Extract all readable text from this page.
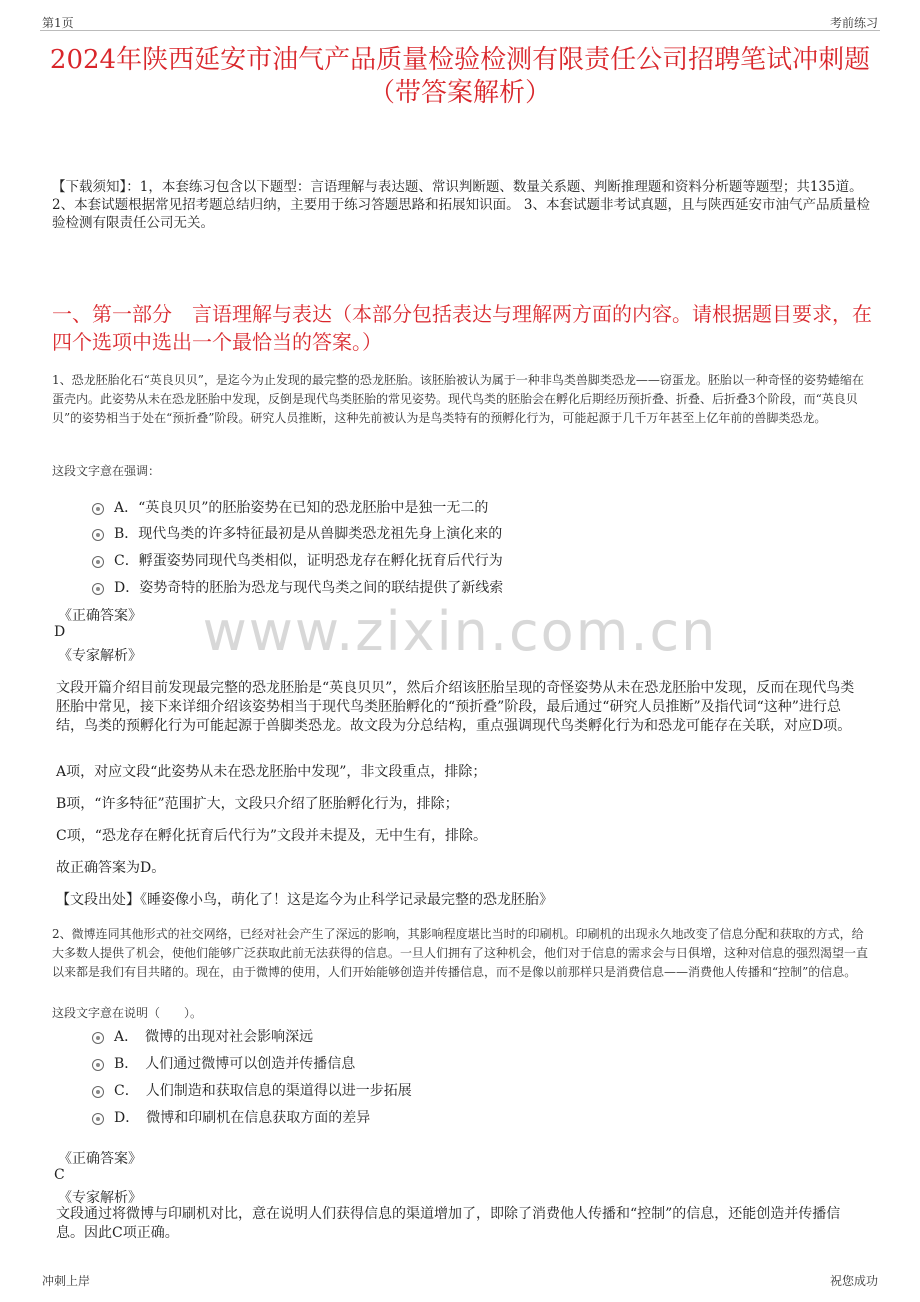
第1页	考前练习
2024年陕西延安市油气产品质量检验检测有限责任公司招聘笔试冲刺题（带答案解析）
【下载须知】：1，本套练习包含以下题型：言语理解与表达题、常识判断题、数量关系题、判断推理题和资料分析题等题型；共135道。 2、本套试题根据常见招考题总结归纳，主要用于练习答题思路和拓展知识面。 3、本套试题非考试真题，且与陕西延安市油气产品质量检验检测有限责任公司无关。
一、第一部分　言语理解与表达（本部分包括表达与理解两方面的内容。请根据题目要求，在四个选项中选出一个最恰当的答案。）
1、恐龙胚胎化石“英良贝贝”，是迄今为止发现的最完整的恐龙胚胎。该胚胎被认为属于一种非鸟类兽脚类恐龙——窃蛋龙。胚胎以一种奇怪的姿势蜷缩在蛋壳内。此姿势从未在恐龙胚胎中发现，反倒是现代鸟类胚胎的常见姿势。现代鸟类的胚胎会在孵化后期经历预折叠、折叠、后折叠3个阶段，而“英良贝贝”的姿势相当于处在“预折叠”阶段。研究人员推断，这种先前被认为是鸟类特有的预孵化行为，可能起源于几千万年甚至上亿年前的兽脚类恐龙。
这段文字意在强调：
A．“英良贝贝”的胚胎姿势在已知的恐龙胚胎中是独一无二的
B．现代鸟类的许多特征最初是从兽脚类恐龙祖先身上演化来的
C．孵蛋姿势同现代鸟类相似，证明恐龙存在孵化抚育后代行为
D．姿势奇特的胚胎为恐龙与现代鸟类之间的联结提供了新线索
《正确答案》
D
《专家解析》	www.zixin.com.cn
文段开篇介绍目前发现最完整的恐龙胚胎是“英良贝贝”，然后介绍该胚胎呈现的奇怪姿势从未在恐龙胚胎中发现，反而在现代鸟类胚胎中常见，接下来详细介绍该姿势相当于现代鸟类胚胎孵化的“预折叠”阶段，最后通过“研究人员推断”及指代词“这种”进行总结，鸟类的预孵化行为可能起源于兽脚类恐龙。故文段为分总结构，重点强调现代鸟类孵化行为和恐龙可能存在关联，对应D项。
A项，对应文段“此姿势从未在恐龙胚胎中发现”，非文段重点，排除；
B项，“许多特征”范围扩大，文段只介绍了胚胎孵化行为，排除；
C项，“恐龙存在孵化抚育后代行为”文段并未提及，无中生有，排除。
故正确答案为D。
【文段出处】《睡姿像小鸟，萌化了！这是迄今为止科学记录最完整的恐龙胚胎》
2、微博连同其他形式的社交网络，已经对社会产生了深远的影响，其影响程度堪比当时的印刷机。印刷机的出现永久地改变了信息分配和获取的方式，给大多数人提供了机会，使他们能够广泛获取此前无法获得的信息。一旦人们拥有了这种机会，他们对于信息的需求会与日俱增，这种对信息的强烈渴望一直以来都是我们有目共睹的。现在，由于微博的使用，人们开始能够创造并传播信息，而不是像以前那样只是消费信息——消费他人传播和“控制”的信息。
这段文字意在说明（　　）。
A．　微博的出现对社会影响深远
B．　人们通过微博可以创造并传播信息
C．　人们制造和获取信息的渠道得以进一步拓展
D．　微博和印刷机在信息获取方面的差异
《正确答案》
C
《专家解析》
文段通过将微博与印刷机对比，意在说明人们获得信息的渠道增加了，即除了消费他人传播和“控制”的信息，还能创造并传播信息。因此C项正确。
冲刺上岸	祝您成功
